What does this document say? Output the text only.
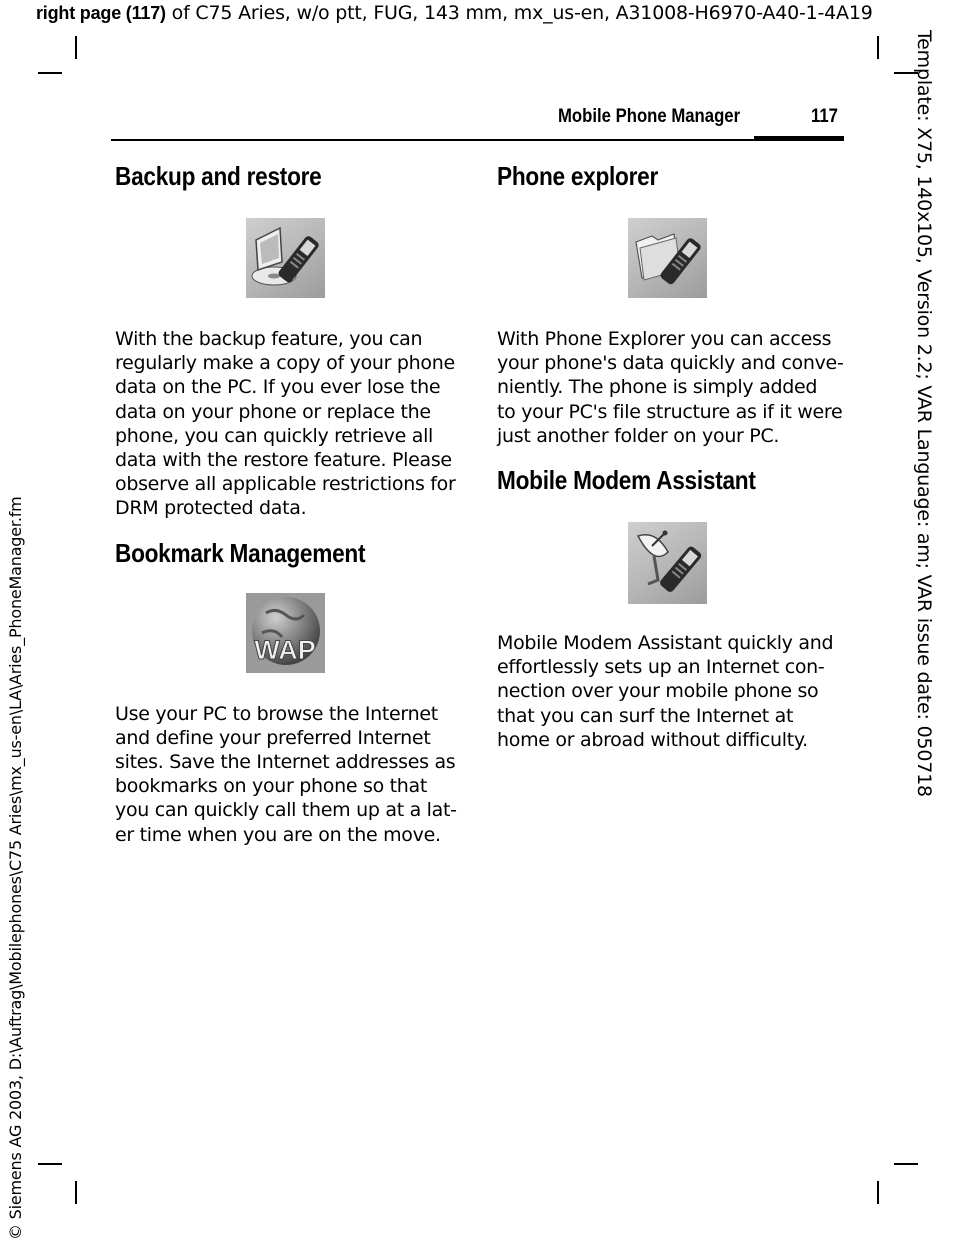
right page (117) of C75 Aries, w/o ptt, FUG, 143 mm, mx_us-en, A31008-H6970-A40-1-4A19
Template: X75, 140x105, Version 2.2; VAR Language: am; VAR issue date: 050718
© Siemens AG 2003, D:\Auftrag\Mobilephones\C75 Aries\mx_us-en\LA\Aries_PhoneManager.fm
Mobile Phone Manager	117
Backup and restore

With the backup feature, you can
regularly make a copy of your phone
data on the PC. If you ever lose the
data on your phone or replace the
phone, you can quickly retrieve all
data with the restore feature. Please
observe all applicable restrictions for
DRM protected data.

Bookmark Management
WAP

Use your PC to browse the Internet
and define your preferred Internet
sites. Save the Internet addresses as
bookmarks on your phone so that
you can quickly call them up at a lat-
er time when you are on the move.

Phone explorer

With Phone Explorer you can access
your phone's data quickly and conve-
niently. The phone is simply added
to your PC's file structure as if it were
just another folder on your PC.

Mobile Modem Assistant

Mobile Modem Assistant quickly and
effortlessly sets up an Internet con-
nection over your mobile phone so
that you can surf the Internet at
home or abroad without difficulty.
